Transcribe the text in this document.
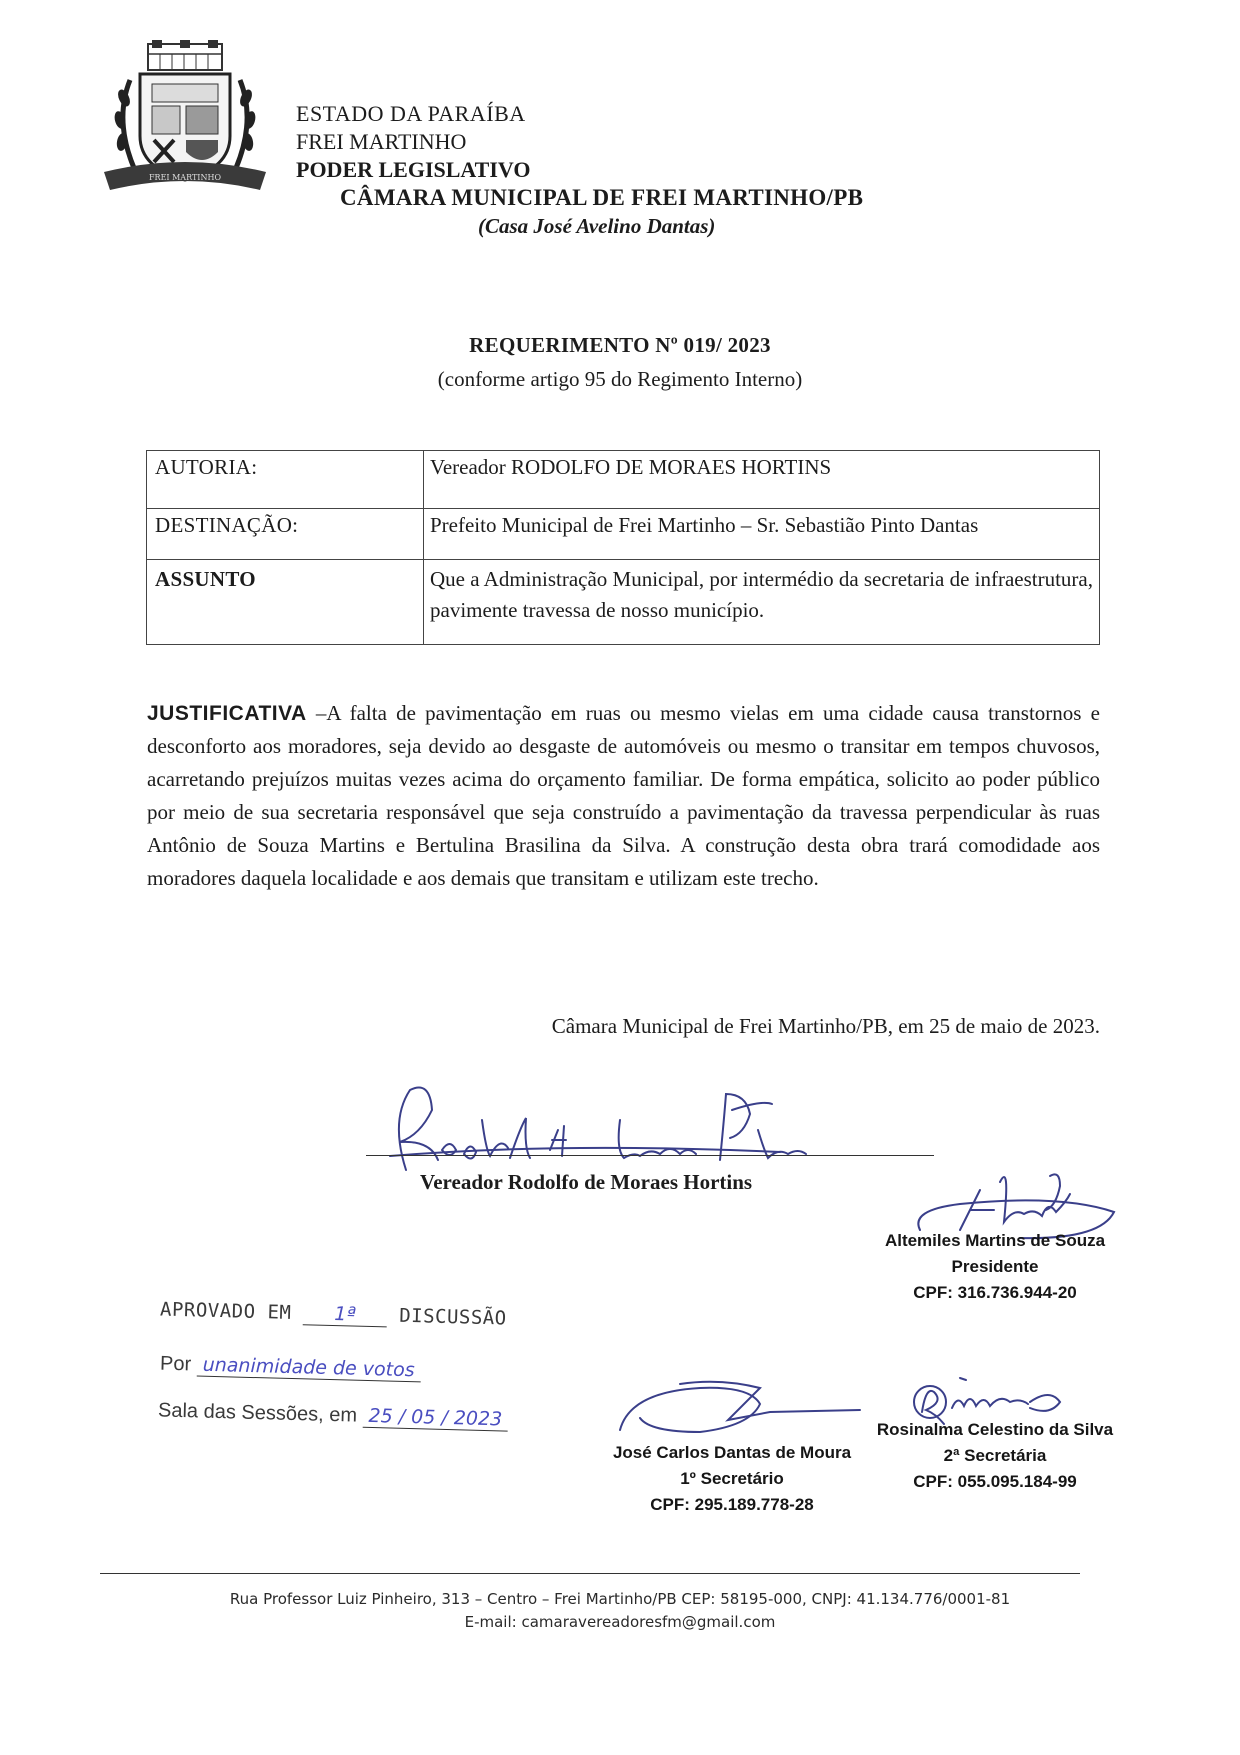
FREI MARTINHO
ESTADO DA PARAÍBA
FREI MARTINHO
PODER LEGISLATIVO
CÂMARA MUNICIPAL DE FREI MARTINHO/PB
(Casa José Avelino Dantas)
REQUERIMENTO Nº 019/ 2023
(conforme artigo 95 do Regimento Interno)
AUTORIA:	Vereador RODOLFO DE MORAES HORTINS
DESTINAÇÃO:	Prefeito Municipal de Frei Martinho – Sr. Sebastião Pinto Dantas
ASSUNTO	Que a Administração Municipal, por intermédio da secretaria de infraestrutura, pavimente travessa de nosso município.
JUSTIFICATIVA –A falta de pavimentação em ruas ou mesmo vielas em uma cidade causa transtornos e desconforto aos moradores, seja devido ao desgaste de automóveis ou mesmo o transitar em tempos chuvosos, acarretando prejuízos muitas vezes acima do orçamento familiar. De forma empática, solicito ao poder público por meio de sua secretaria responsável que seja construído a pavimentação da travessa perpendicular às ruas Antônio de Souza Martins e Bertulina Brasilina da Silva. A construção desta obra trará comodidade aos moradores daquela localidade e aos demais que transitam e utilizam este trecho.
Câmara Municipal de Frei Martinho/PB, em 25 de maio de 2023.
Vereador Rodolfo de Moraes Hortins
Altemiles Martins de Souza
Presidente
CPF: 316.736.944-20
José Carlos Dantas de Moura
1º Secretário
CPF: 295.189.778-28
Rosinalma Celestino da Silva
2ª Secretária
CPF: 055.095.184-99
APROVADO EM 1ª DISCUSSÃO
Por unanimidade de votos
Sala das Sessões, em 25 / 05 / 2023
Rua Professor Luiz Pinheiro, 313 – Centro – Frei Martinho/PB CEP: 58195-000, CNPJ: 41.134.776/0001-81
E-mail: camaravereadoresfm@gmail.com
